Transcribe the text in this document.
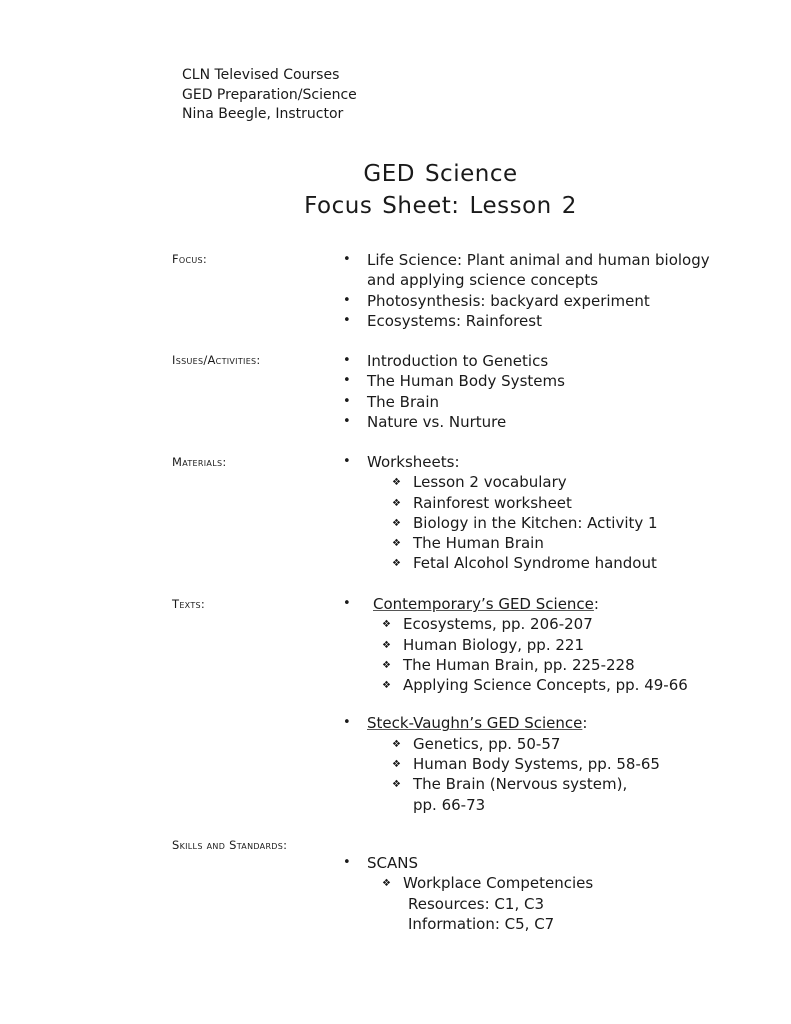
CLN Televised Courses
GED Preparation/Science
Nina Beegle, Instructor
GED Science
Focus Sheet: Lesson 2
Focus:	• Life Science: Plant animal and human biology
and applying science concepts
• Photosynthesis: backyard experiment
• Ecosystems: Rainforest
Issues/Activities:	• Introduction to Genetics
• The Human Body Systems
• The Brain
• Nature vs. Nurture
Materials:	• Worksheets:
❖ Lesson 2 vocabulary
❖ Rainforest worksheet
❖ Biology in the Kitchen: Activity 1
❖ The Human Brain
❖ Fetal Alcohol Syndrome handout
Texts:	• Contemporary’s GED Science:
❖ Ecosystems, pp. 206-207
❖ Human Biology, pp. 221
❖ The Human Brain, pp. 225-228
❖ Applying Science Concepts, pp. 49-66
• Steck-Vaughn’s GED Science:
❖ Genetics, pp. 50-57
❖ Human Body Systems, pp. 58-65
❖ The Brain (Nervous system),
pp. 66-73
Skills and Standards:
• SCANS
❖ Workplace Competencies
Resources: C1, C3
Information: C5, C7
